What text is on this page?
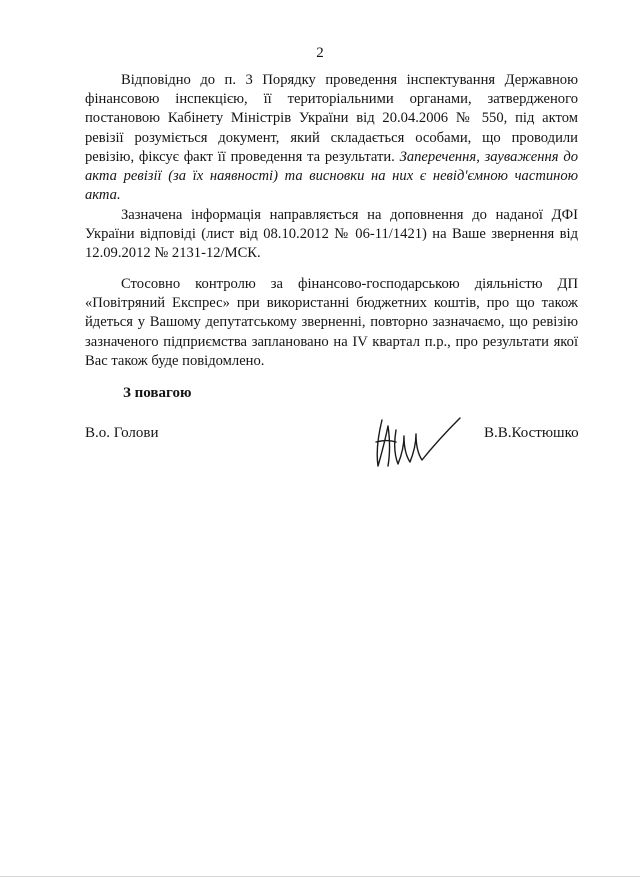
2

Відповідно до п. 3 Порядку проведення інспектування Державною фінансовою інспекцією, її територіальними органами, затвердженого постановою Кабінету Міністрів України від 20.04.2006 № 550, під актом ревізії розуміється документ, який складається особами, що проводили ревізію, фіксує факт її проведення та результати. Заперечення, зауваження до акта ревізії (за їх наявності) та висновки на них є невід'ємною частиною акта.

Зазначена інформація направляється на доповнення до наданої ДФІ України відповіді (лист від 08.10.2012 № 06-11/1421) на Ваше звернення від 12.09.2012 № 2131-12/МСК.

Стосовно контролю за фінансово-господарською діяльністю ДП «Повітряний Експрес» при використанні бюджетних коштів, про що також йдеться у Вашому депутатському зверненні, повторно зазначаємо, що ревізію зазначеного підприємства заплановано на IV квартал п.р., про результати якої Вас також буде повідомлено.

З повагою
В.о. Голови	В.В.Костюшко
